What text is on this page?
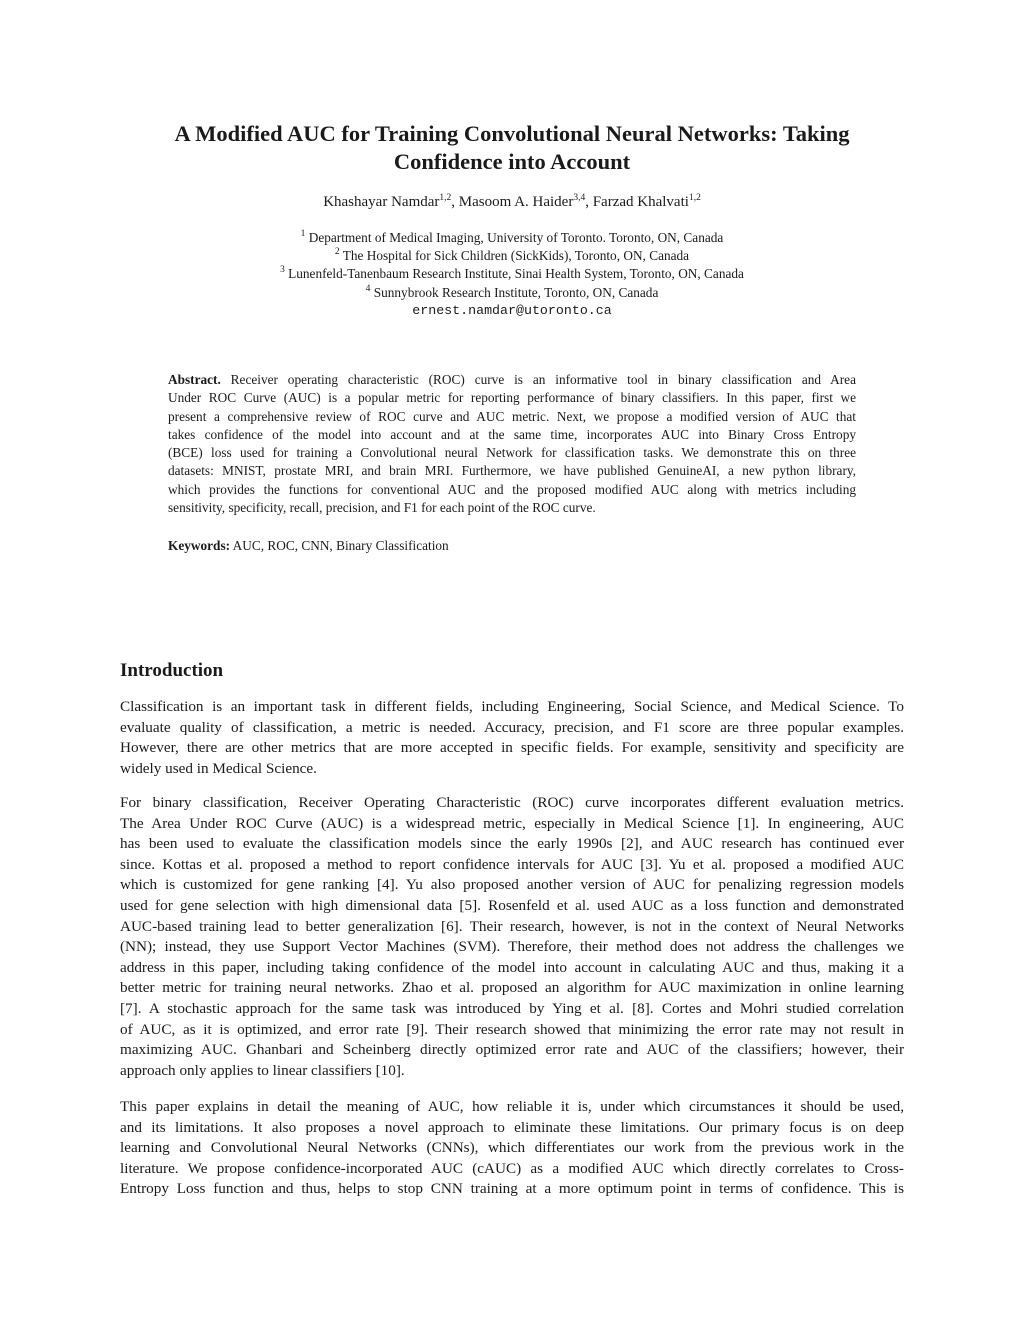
A Modified AUC for Training Convolutional Neural Networks: Taking
Confidence into Account
Khashayar Namdar$^{1,2}$, Masoom A. Haider$^{3,4}$, Farzad Khalvati$^{1,2}$
$^1$ Department of Medical Imaging, University of Toronto. Toronto, ON, Canada
$^2$ The Hospital for Sick Children (SickKids), Toronto, ON, Canada
$^3$ Lunenfeld-Tanenbaum Research Institute, Sinai Health System, Toronto, ON, Canada
$^4$ Sunnybrook Research Institute, Toronto, ON, Canada
ernest.namdar@utoronto.ca
Abstract. Receiver operating characteristic (ROC) curve is an informative tool in binary classification and Area
Under ROC Curve (AUC) is a popular metric for reporting performance of binary classifiers. In this paper, first we
present a comprehensive review of ROC curve and AUC metric. Next, we propose a modified version of AUC that
takes confidence of the model into account and at the same time, incorporates AUC into Binary Cross Entropy
(BCE) loss used for training a Convolutional neural Network for classification tasks. We demonstrate this on three
datasets: MNIST, prostate MRI, and brain MRI. Furthermore, we have published GenuineAI, a new python library,
which provides the functions for conventional AUC and the proposed modified AUC along with metrics including
sensitivity, specificity, recall, precision, and F1 for each point of the ROC curve.
Keywords: AUC, ROC, CNN, Binary Classification
Introduction
Classification is an important task in different fields, including Engineering, Social Science, and Medical Science. To
evaluate quality of classification, a metric is needed. Accuracy, precision, and F1 score are three popular examples.
However, there are other metrics that are more accepted in specific fields. For example, sensitivity and specificity are
widely used in Medical Science.
For binary classification, Receiver Operating Characteristic (ROC) curve incorporates different evaluation metrics.
The Area Under ROC Curve (AUC) is a widespread metric, especially in Medical Science [1]. In engineering, AUC
has been used to evaluate the classification models since the early 1990s [2], and AUC research has continued ever
since. Kottas et al. proposed a method to report confidence intervals for AUC [3]. Yu et al. proposed a modified AUC
which is customized for gene ranking [4]. Yu also proposed another version of AUC for penalizing regression models
used for gene selection with high dimensional data [5]. Rosenfeld et al. used AUC as a loss function and demonstrated
AUC-based training lead to better generalization [6]. Their research, however, is not in the context of Neural Networks
(NN); instead, they use Support Vector Machines (SVM). Therefore, their method does not address the challenges we
address in this paper, including taking confidence of the model into account in calculating AUC and thus, making it a
better metric for training neural networks. Zhao et al. proposed an algorithm for AUC maximization in online learning
[7]. A stochastic approach for the same task was introduced by Ying et al. [8]. Cortes and Mohri studied correlation
of AUC, as it is optimized, and error rate [9]. Their research showed that minimizing the error rate may not result in
maximizing AUC. Ghanbari and Scheinberg directly optimized error rate and AUC of the classifiers; however, their
approach only applies to linear classifiers [10].
This paper explains in detail the meaning of AUC, how reliable it is, under which circumstances it should be used,
and its limitations. It also proposes a novel approach to eliminate these limitations. Our primary focus is on deep
learning and Convolutional Neural Networks (CNNs), which differentiates our work from the previous work in the
literature. We propose confidence-incorporated AUC (cAUC) as a modified AUC which directly correlates to Cross-
Entropy Loss function and thus, helps to stop CNN training at a more optimum point in terms of confidence. This is
